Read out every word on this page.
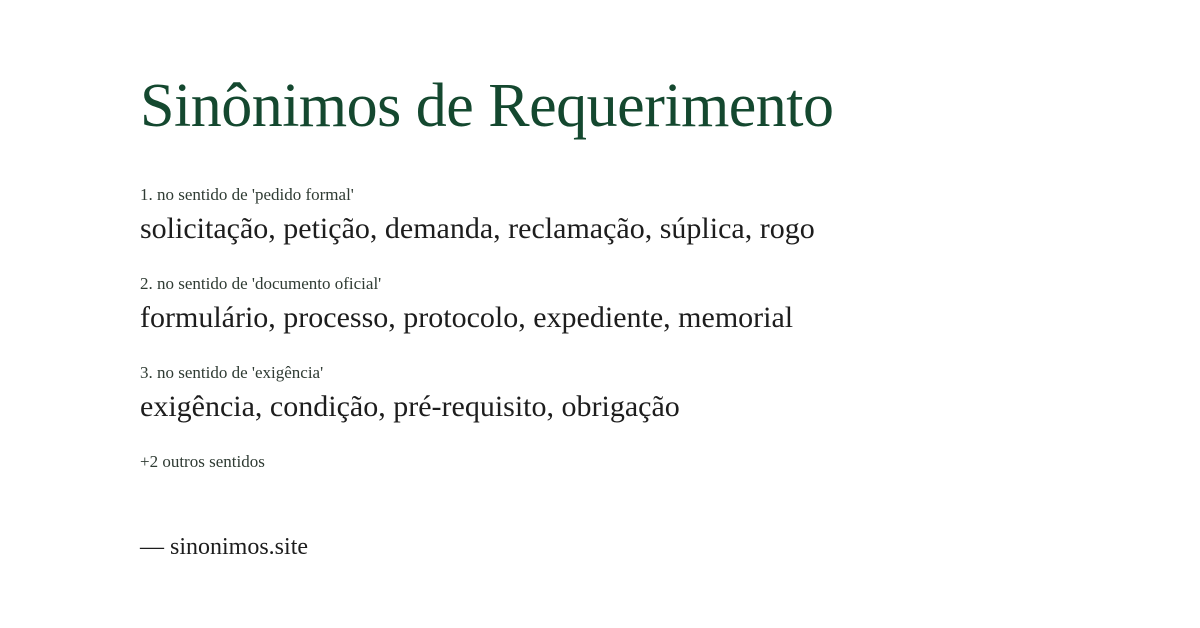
Sinônimos de Requerimento
1. no sentido de 'pedido formal'
solicitação, petição, demanda, reclamação, súplica, rogo
2. no sentido de 'documento oficial'
formulário, processo, protocolo, expediente, memorial
3. no sentido de 'exigência'
exigência, condição, pré-requisito, obrigação
+2 outros sentidos
— sinonimos.site
